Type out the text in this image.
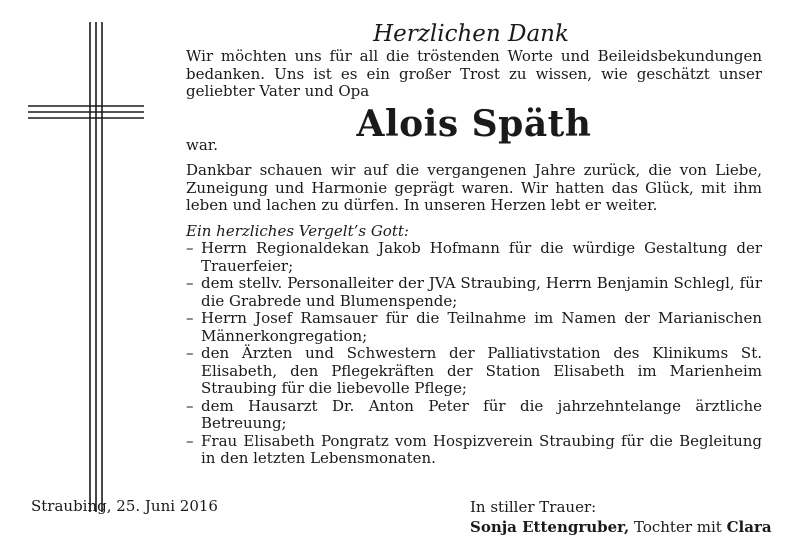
Herzlichen Dank
Wir möchten uns für all die tröstenden Worte und Beileidsbekundungen bedanken. Uns ist es ein großer Trost zu wissen, wie geschätzt unser geliebter Vater und Opa
Alois Späth
war.
Dankbar schauen wir auf die vergangenen Jahre zurück, die von Liebe, Zuneigung und Harmonie geprägt waren. Wir hatten das Glück, mit ihm leben und lachen zu dürfen. In unseren Herzen lebt er weiter.
Ein herzliches Vergelt’s Gott:
– Herrn Regionaldekan Jakob Hofmann für die würdige Gestaltung der Trauerfeier;
– dem stellv. Personalleiter der JVA Straubing, Herrn Benjamin Schlegl, für die Grabrede und Blumenspende;
– Herrn Josef Ramsauer für die Teilnahme im Namen der Marianischen Männerkongregation;
– den Ärzten und Schwestern der Palliativstation des Klinikums St. Elisabeth, den Pflegekräften der Station Elisabeth im Marienheim Straubing für die liebevolle Pflege;
– dem Hausarzt Dr. Anton Peter für die jahrzehntelange ärztliche Betreuung;
– Frau Elisabeth Pongratz vom Hospizverein Straubing für die Begleitung in den letzten Lebensmonaten.
Straubing, 25. Juni 2016	In stiller Trauer:
Sonja Ettengruber, Tochter mit Clara
